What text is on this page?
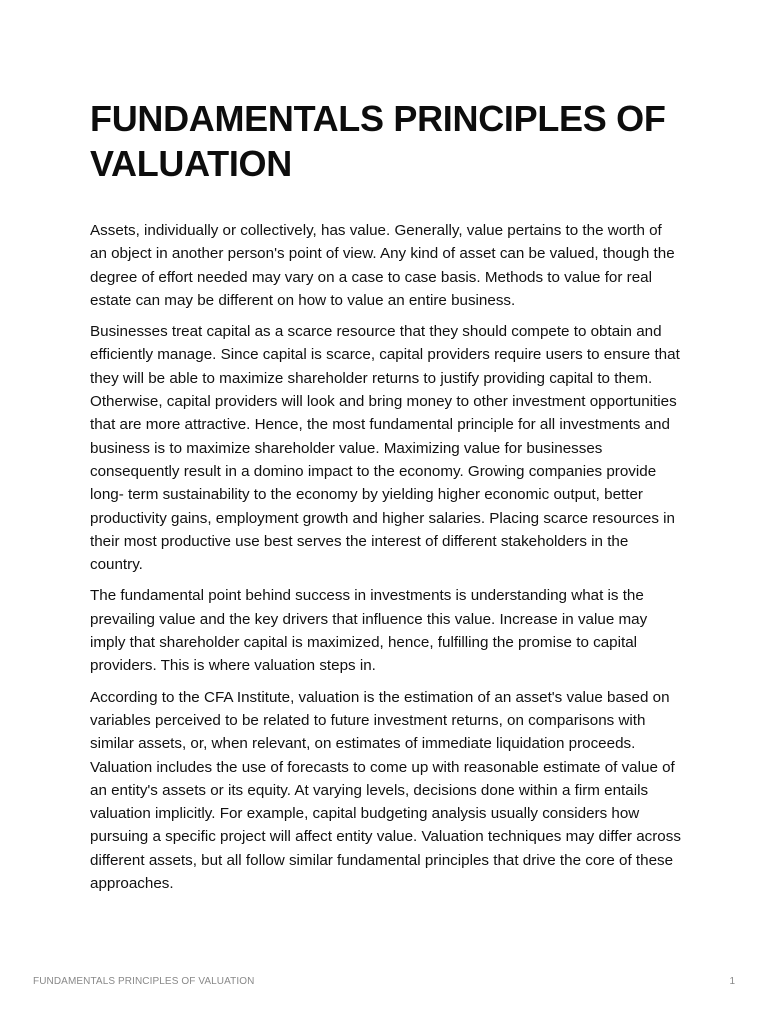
FUNDAMENTALS PRINCIPLES OF VALUATION

Assets, individually or collectively, has value. Generally, value pertains to the worth of an object in another person's point of view. Any kind of asset can be valued, though the degree of effort needed may vary on a case to case basis. Methods to value for real estate can may be different on how to value an entire business.

Businesses treat capital as a scarce resource that they should compete to obtain and efficiently manage. Since capital is scarce, capital providers require users to ensure that they will be able to maximize shareholder returns to justify providing capital to them. Otherwise, capital providers will look and bring money to other investment opportunities that are more attractive. Hence, the most fundamental principle for all investments and business is to maximize shareholder value. Maximizing value for businesses consequently result in a domino impact to the economy. Growing companies provide long- term sustainability to the economy by yielding higher economic output, better productivity gains, employment growth and higher salaries. Placing scarce resources in their most productive use best serves the interest of different stakeholders in the country.

The fundamental point behind success in investments is understanding what is the prevailing value and the key drivers that influence this value. Increase in value may imply that shareholder capital is maximized, hence, fulfilling the promise to capital providers. This is where valuation steps in.

According to the CFA Institute, valuation is the estimation of an asset's value based on variables perceived to be related to future investment returns, on comparisons with similar assets, or, when relevant, on estimates of immediate liquidation proceeds. Valuation includes the use of forecasts to come up with reasonable estimate of value of an entity's assets or its equity. At varying levels, decisions done within a firm entails valuation implicitly. For example, capital budgeting analysis usually considers how pursuing a specific project will affect entity value. Valuation techniques may differ across different assets, but all follow similar fundamental principles that drive the core of these approaches.

FUNDAMENTALS PRINCIPLES OF VALUATION	1
